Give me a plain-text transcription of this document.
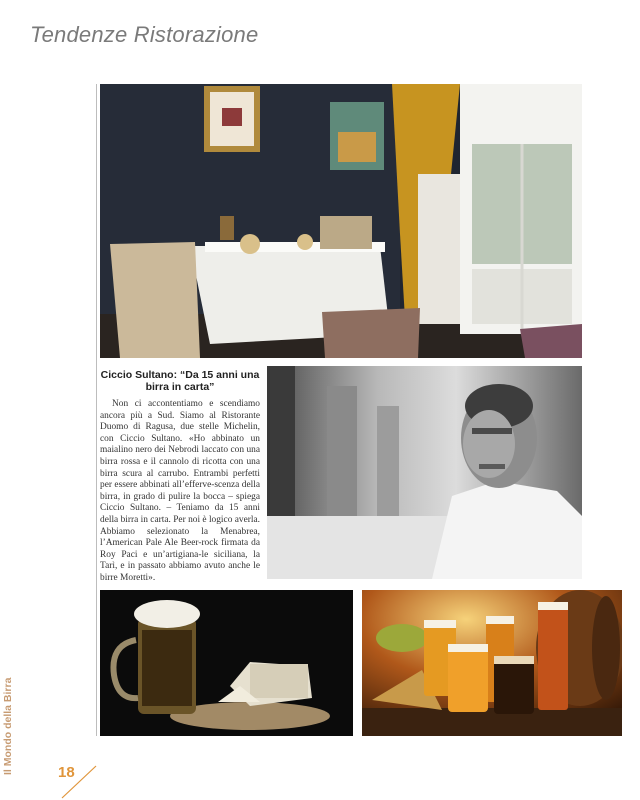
Tendenze Ristorazione
Ciccio Sultano: “Da 15 anni una birra in carta”

Non ci accontentiamo e scendiamo ancora più a Sud. Siamo al Ristorante Duomo di Ragusa, due stelle Michelin, con Ciccio Sultano. «Ho abbinato un maialino nero dei Nebrodi laccato con una birra rossa e il cannolo di ricotta con una birra scura al carrubo. Entrambi perfetti per essere abbinati all’efferve-scenza della birra, in grado di pulire la bocca – spiega Ciccio Sultano. – Teniamo da 15 anni della birra in carta. Per noi è logico averla. Abbiamo selezionato la Menabrea, l’American Pale Ale Beer-rock firmata da Roy Paci e un’artigiana-le siciliana, la Tarì, e in passato abbiamo avuto anche le birre Moretti».

Il Mondo della Birra	18
